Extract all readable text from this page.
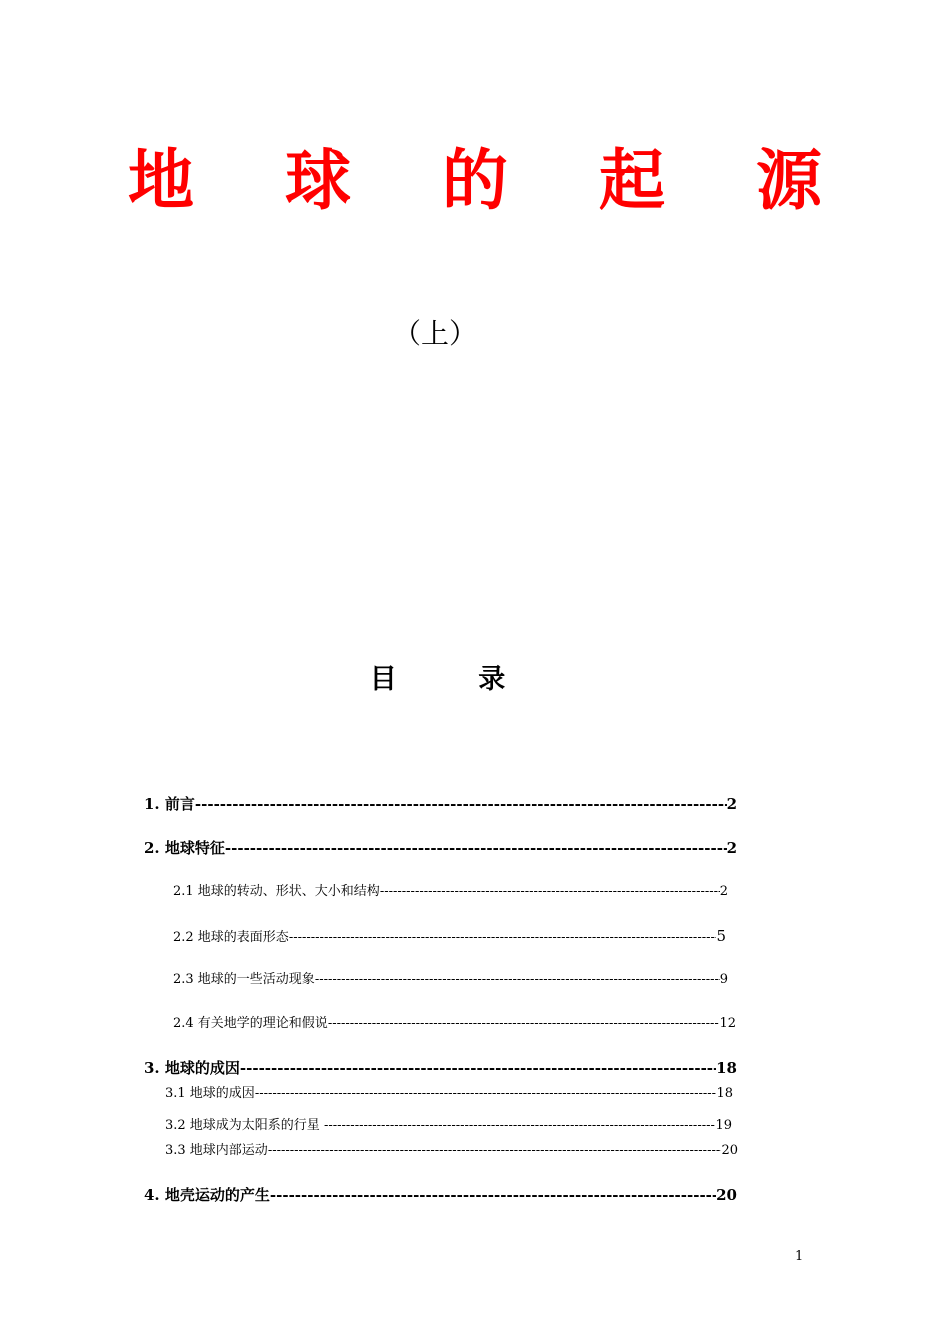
地 球 的 起 源
（上）
目 录
1. 前言 -----	2
2. 地球特征 -----	2
2.1 地球的转动、形状、大小和结构 -----	2
2.2 地球的表面形态 -----	5
2.3 地球的一些活动现象 -----	9
2.4 有关地学的理论和假说 -----	12
3. 地球的成因 -----	18
3.1 地球的成因 -----	18
3.2 地球成为太阳系的行星 -----	19
3.3 地球内部运动 -----	20
4. 地壳运动的产生 -----	20
1
